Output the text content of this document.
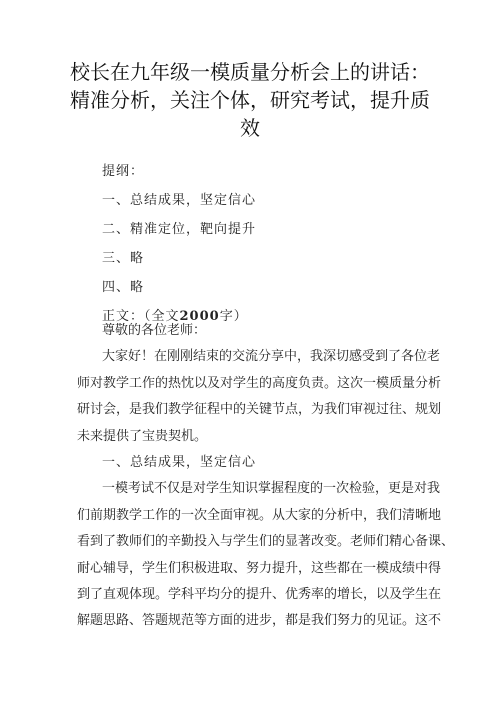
校长在九年级一模质量分析会上的讲话：
精准分析，关注个体，研究考试，提升质
效
提纲：
一、总结成果，坚定信心
二、精准定位，靶向提升
三、略
四、略
正文：（全文2000字）
尊敬的各位老师：
大家好！在刚刚结束的交流分享中，我深切感受到了各位老
师对教学工作的热忱以及对学生的高度负责。这次一模质量分析
研讨会，是我们教学征程中的关键节点，为我们审视过往、规划
未来提供了宝贵契机。
一、总结成果，坚定信心
一模考试不仅是对学生知识掌握程度的一次检验，更是对我
们前期教学工作的一次全面审视。从大家的分析中，我们清晰地
看到了教师们的辛勤投入与学生们的显著改变。老师们精心备课、
耐心辅导，学生们积极进取、努力提升，这些都在一模成绩中得
到了直观体现。学科平均分的提升、优秀率的增长，以及学生在
解题思路、答题规范等方面的进步，都是我们努力的见证。这不
